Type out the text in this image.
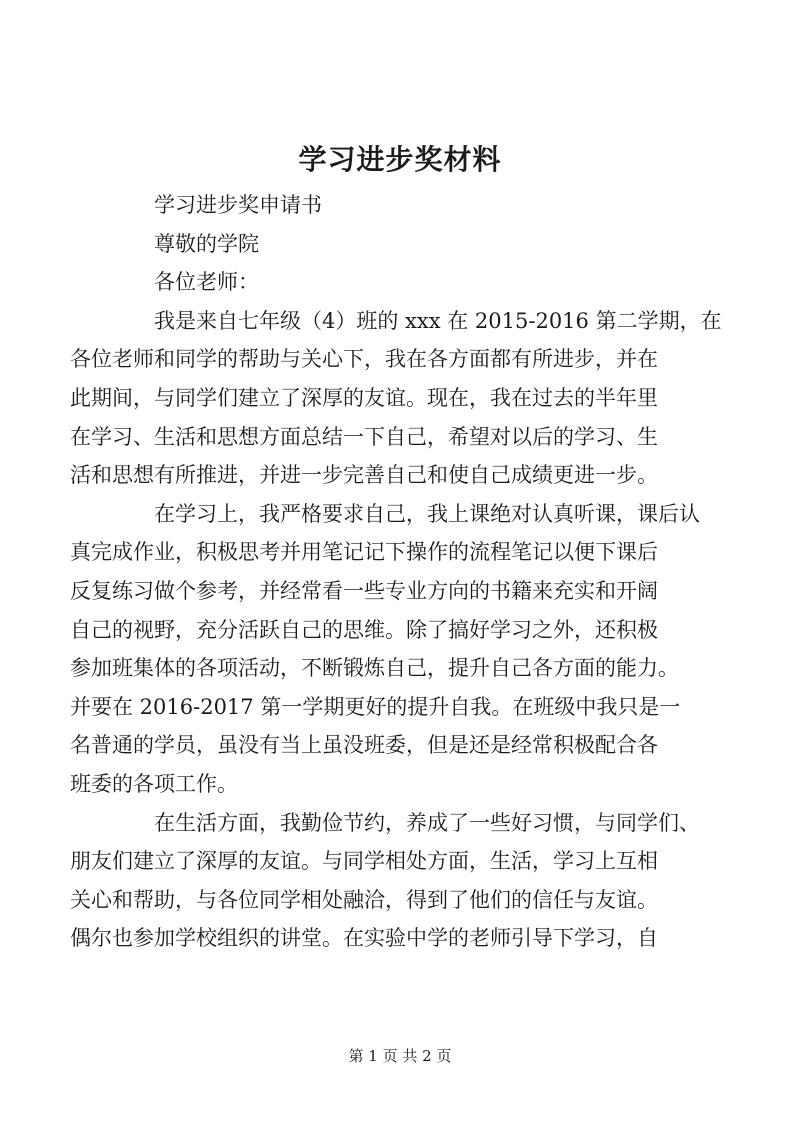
学习进步奖材料

学习进步奖申请书

尊敬的学院

各位老师：

我是来自七年级（4）班的 xxx 在 2015-2016 第二学期，在
各位老师和同学的帮助与关心下，我在各方面都有所进步，并在
此期间，与同学们建立了深厚的友谊。现在，我在过去的半年里
在学习、生活和思想方面总结一下自己，希望对以后的学习、生
活和思想有所推进，并进一步完善自己和使自己成绩更进一步。

在学习上，我严格要求自己，我上课绝对认真听课，课后认
真完成作业，积极思考并用笔记记下操作的流程笔记以便下课后
反复练习做个参考，并经常看一些专业方向的书籍来充实和开阔
自己的视野，充分活跃自己的思维。除了搞好学习之外，还积极
参加班集体的各项活动，不断锻炼自己，提升自己各方面的能力。
并要在 2016-2017 第一学期更好的提升自我。在班级中我只是一
名普通的学员，虽没有当上虽没班委，但是还是经常积极配合各
班委的各项工作。

在生活方面，我勤俭节约，养成了一些好习惯，与同学们、
朋友们建立了深厚的友谊。与同学相处方面，生活，学习上互相
关心和帮助，与各位同学相处融洽，得到了他们的信任与友谊。
偶尔也参加学校组织的讲堂。在实验中学的老师引导下学习，自

第 1 页 共 2 页
